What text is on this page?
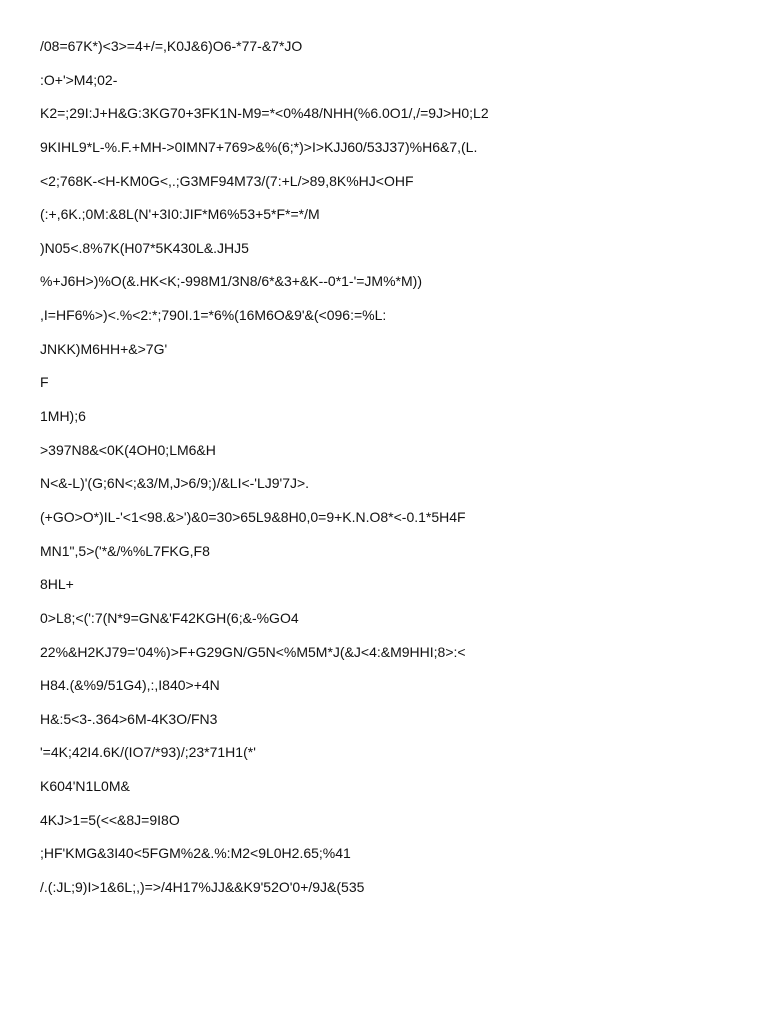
/08=67K*)<3>=4+/=,K0J&6)O6-*77-&7*JO
:O+'>M4;02-
K2=;29I:J+H&G:3KG70+3FK1N-M9=*<0%48/NHH(%6.0O1/,/=9J>H0;L2
9KIHL9*L-%.F.+MH->0IMN7+769>&%(6;*)>I>KJJ60/53J37)%H6&7,(L.
<2;768K-<H-KM0G<,.;G3MF94M73/(7:+L/>89,8K%HJ<OHF
(:+,6K.;0M:&8L(N'+3I0:JIF*M6%53+5*F*=*/M
)N05<.8%7K(H07*5K430L&.JHJ5
%+J6H>)%O(&.HK<K;-998M1/3N8/6*&3+&K--0*1-'=JM%*M))
,I=HF6%>)<.%<2:*;790I.1=*6%(16M6O&9'&(<096:=%L:
JNKK)M6HH+&>7G'
F
1MH);6
>397N8&<0K(4OH0;LM6&H
N<&-L)'(G;6N<;&3/M,J>6/9;)/&LI<-'LJ9'7J>.
(+GO>O*)IL-'<1<98.&>')&0=30>65L9&8H0,0=9+K.N.O8*<-0.1*5H4F
MN1",5>('*&/%%L7FKG,F8
8HL+
0>L8;<(':7(N*9=GN&'F42KGH(6;&-%GO4
22%&H2KJ79='04%)>F+G29GN/G5N<%M5M*J(&J<4:&M9HHI;8>:<
H84.(&%9/51G4),:,I840>+4N
H&:5<3-.364>6M-4K3O/FN3
'=4K;42I4.6K/(IO7/*93)/;23*71H1(*'
K604'N1L0M&
4KJ>1=5(<<&8J=9I8O
;HF'KMG&3I40<5FGM%2&.%:M2<9L0H2.65;%41
/.(:JL;9)I>1&6L;,)=>/4H17%JJ&&K9'52O'0+/9J&(535
